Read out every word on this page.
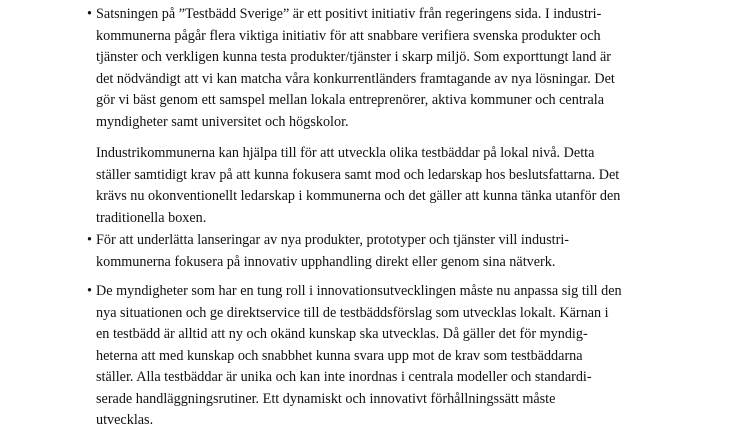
• Satsningen på ”Testbädd Sverige” är ett positivt initiativ från regeringens sida. I industri-
kommunerna pågår flera viktiga initiativ för att snabbare verifiera svenska produkter och
tjänster och verkligen kunna testa produkter/tjänster i skarp miljö. Som exporttungt land är
det nödvändigt att vi kan matcha våra konkurrentländers framtagande av nya lösningar. Det
gör vi bäst genom ett samspel mellan lokala entreprenörer, aktiva kommuner och centrala
myndigheter samt universitet och högskolor.
Industrikommunerna kan hjälpa till för att utveckla olika testbäddar på lokal nivå. Detta
ställer samtidigt krav på att kunna fokusera samt mod och ledarskap hos beslutsfattarna. Det
krävs nu okonventionellt ledarskap i kommunerna och det gäller att kunna tänka utanför den
traditionella boxen.
• För att underlätta lanseringar av nya produkter, prototyper och tjänster vill industri-
kommunerna fokusera på innovativ upphandling direkt eller genom sina nätverk.
• De myndigheter som har en tung roll i innovationsutvecklingen måste nu anpassa sig till den
nya situationen och ge direktservice till de testbäddsförslag som utvecklas lokalt. Kärnan i
en testbädd är alltid att ny och okänd kunskap ska utvecklas. Då gäller det för myndig-
heterna att med kunskap och snabbhet kunna svara upp mot de krav som testbäddarna
ställer. Alla testbäddar är unika och kan inte inordnas i centrala modeller och standardi-
serade handläggningsrutiner. Ett dynamiskt och innovativt förhållningssätt måste
utvecklas.
